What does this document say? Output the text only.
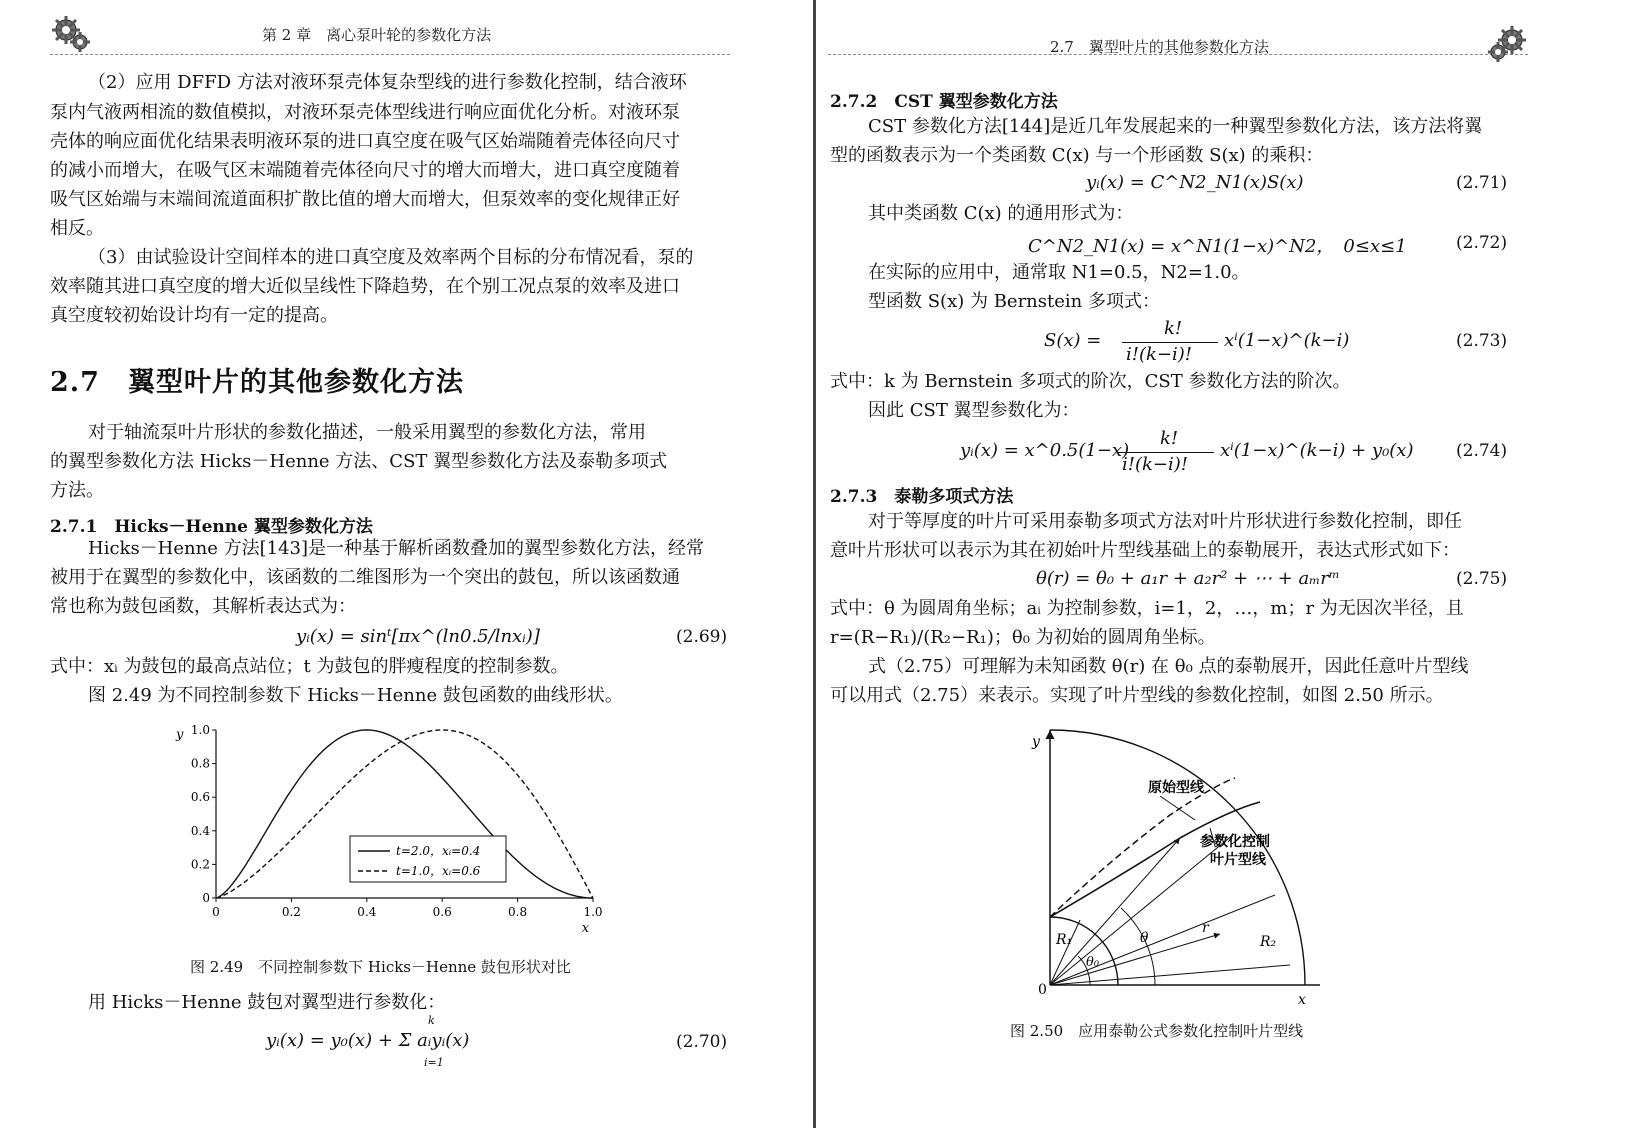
第 2 章　离心泵叶轮的参数化方法
（2）应用 DFFD 方法对液环泵壳体复杂型线的进行参数化控制，结合液环
泵内气液两相流的数值模拟，对液环泵壳体型线进行响应面优化分析。对液环泵
壳体的响应面优化结果表明液环泵的进口真空度在吸气区始端随着壳体径向尺寸
的减小而增大，在吸气区末端随着壳体径向尺寸的增大而增大，进口真空度随着
吸气区始端与末端间流道面积扩散比值的增大而增大，但泵效率的变化规律正好
相反。
（3）由试验设计空间样本的进口真空度及效率两个目标的分布情况看，泵的
效率随其进口真空度的增大近似呈线性下降趋势，在个别工况点泵的效率及进口
真空度较初始设计均有一定的提高。
2.7　翼型叶片的其他参数化方法
对于轴流泵叶片形状的参数化描述，一般采用翼型的参数化方法，常用
的翼型参数化方法 Hicks－Henne 方法、CST 翼型参数化方法及泰勒多项式
方法。
2.7.1　Hicks－Henne 翼型参数化方法
Hicks－Henne 方法[143]是一种基于解析函数叠加的翼型参数化方法，经常
被用于在翼型的参数化中，该函数的二维图形为一个突出的鼓包，所以该函数通
常也称为鼓包函数，其解析表达式为：
yᵢ(x) = sinᵗ[πx^(ln0.5/lnxᵢ)]	(2.69)
式中：xᵢ 为鼓包的最高点站位；t 为鼓包的胖瘦程度的控制参数。
图 2.49 为不同控制参数下 Hicks－Henne 鼓包函数的曲线形状。
0	0.2	0.4	0.6	0.8	1.0
0
0.2
0.4
0.6
0.8
1.0
x
y
t=2.0，xᵢ=0.4
t=1.0，xᵢ=0.6
图 2.49　不同控制参数下 Hicks－Henne 鼓包形状对比
用 Hicks－Henne 鼓包对翼型进行参数化：
yᵢ(x) = y₀(x) + Σ aᵢyᵢ(x)
k
i=1
(2.70)
2.7　翼型叶片的其他参数化方法
2.7.2　CST 翼型参数化方法
CST 参数化方法[144]是近几年发展起来的一种翼型参数化方法，该方法将翼
型的函数表示为一个类函数 C(x) 与一个形函数 S(x) 的乘积：
yᵢ(x) = C^N2_N1(x)S(x)	(2.71)
其中类函数 C(x) 的通用形式为：
C^N2_N1(x) = x^N1(1−x)^N2，　0≤x≤1	(2.72)
在实际的应用中，通常取 N1=0.5，N2=1.0。
型函数 S(x) 为 Bernstein 多项式：
S(x) =
k!
i!(k−i)!
xⁱ(1−x)^(k−i)	(2.73)
式中：k 为 Bernstein 多项式的阶次，CST 参数化方法的阶次。
因此 CST 翼型参数化为：
yᵢ(x) = x^0.5(1−x)
k!
i!(k−i)!
xⁱ(1−x)^(k−i) + y₀(x)	(2.74)
2.7.3　泰勒多项式方法
对于等厚度的叶片可采用泰勒多项式方法对叶片形状进行参数化控制，即任
意叶片形状可以表示为其在初始叶片型线基础上的泰勒展开，表达式形式如下：
θ(r) = θ₀ + a₁r + a₂r² + ⋯ + aₘrᵐ	(2.75)
式中：θ 为圆周角坐标；aᵢ 为控制参数，i=1，2，…，m；r 为无因次半径，且
r=(R−R₁)/(R₂−R₁)；θ₀ 为初始的圆周角坐标。
式（2.75）可理解为未知函数 θ(r) 在 θ₀ 点的泰勒展开，因此任意叶片型线
可以用式（2.75）来表示。实现了叶片型线的参数化控制，如图 2.50 所示。
y
x
0
原始型线
参数化控制
叶片型线
θ
θ₀
r
R₁	R₂
图 2.50　应用泰勒公式参数化控制叶片型线
